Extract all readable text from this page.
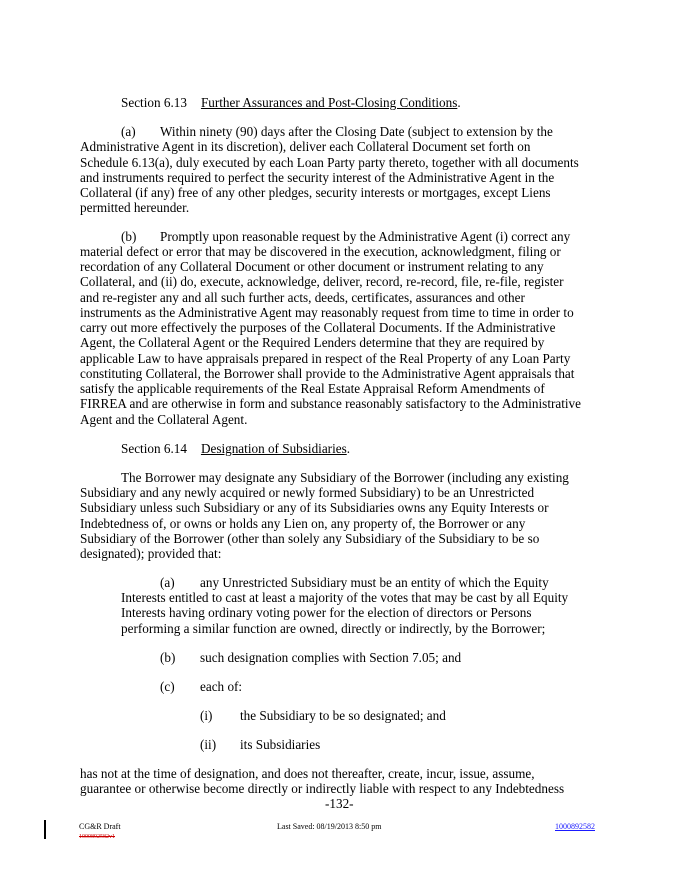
Section 6.13 Further Assurances and Post-Closing Conditions.
(a) Within ninety (90) days after the Closing Date (subject to extension by the
Administrative Agent in its discretion), deliver each Collateral Document set forth on
Schedule 6.13(a), duly executed by each Loan Party party thereto, together with all documents
and instruments required to perfect the security interest of the Administrative Agent in the
Collateral (if any) free of any other pledges, security interests or mortgages, except Liens
permitted hereunder.
(b) Promptly upon reasonable request by the Administrative Agent (i) correct any
material defect or error that may be discovered in the execution, acknowledgment, filing or
recordation of any Collateral Document or other document or instrument relating to any
Collateral, and (ii) do, execute, acknowledge, deliver, record, re-record, file, re-file, register
and re-register any and all such further acts, deeds, certificates, assurances and other
instruments as the Administrative Agent may reasonably request from time to time in order to
carry out more effectively the purposes of the Collateral Documents. If the Administrative
Agent, the Collateral Agent or the Required Lenders determine that they are required by
applicable Law to have appraisals prepared in respect of the Real Property of any Loan Party
constituting Collateral, the Borrower shall provide to the Administrative Agent appraisals that
satisfy the applicable requirements of the Real Estate Appraisal Reform Amendments of
FIRREA and are otherwise in form and substance reasonably satisfactory to the Administrative
Agent and the Collateral Agent.
Section 6.14 Designation of Subsidiaries.
The Borrower may designate any Subsidiary of the Borrower (including any existing
Subsidiary and any newly acquired or newly formed Subsidiary) to be an Unrestricted
Subsidiary unless such Subsidiary or any of its Subsidiaries owns any Equity Interests or
Indebtedness of, or owns or holds any Lien on, any property of, the Borrower or any
Subsidiary of the Borrower (other than solely any Subsidiary of the Subsidiary to be so
designated); provided that:
(a) any Unrestricted Subsidiary must be an entity of which the Equity
Interests entitled to cast at least a majority of the votes that may be cast by all Equity
Interests having ordinary voting power for the election of directors or Persons
performing a similar function are owned, directly or indirectly, by the Borrower;
(b) such designation complies with Section 7.05; and
(c) each of:
(i) the Subsidiary to be so designated; and
(ii) its Subsidiaries
has not at the time of designation, and does not thereafter, create, incur, issue, assume,
guarantee or otherwise become directly or indirectly liable with respect to any Indebtedness
-132-
CG&R Draft
1000892582v1
Last Saved: 08/19/2013 8:50 pm	1000892582
